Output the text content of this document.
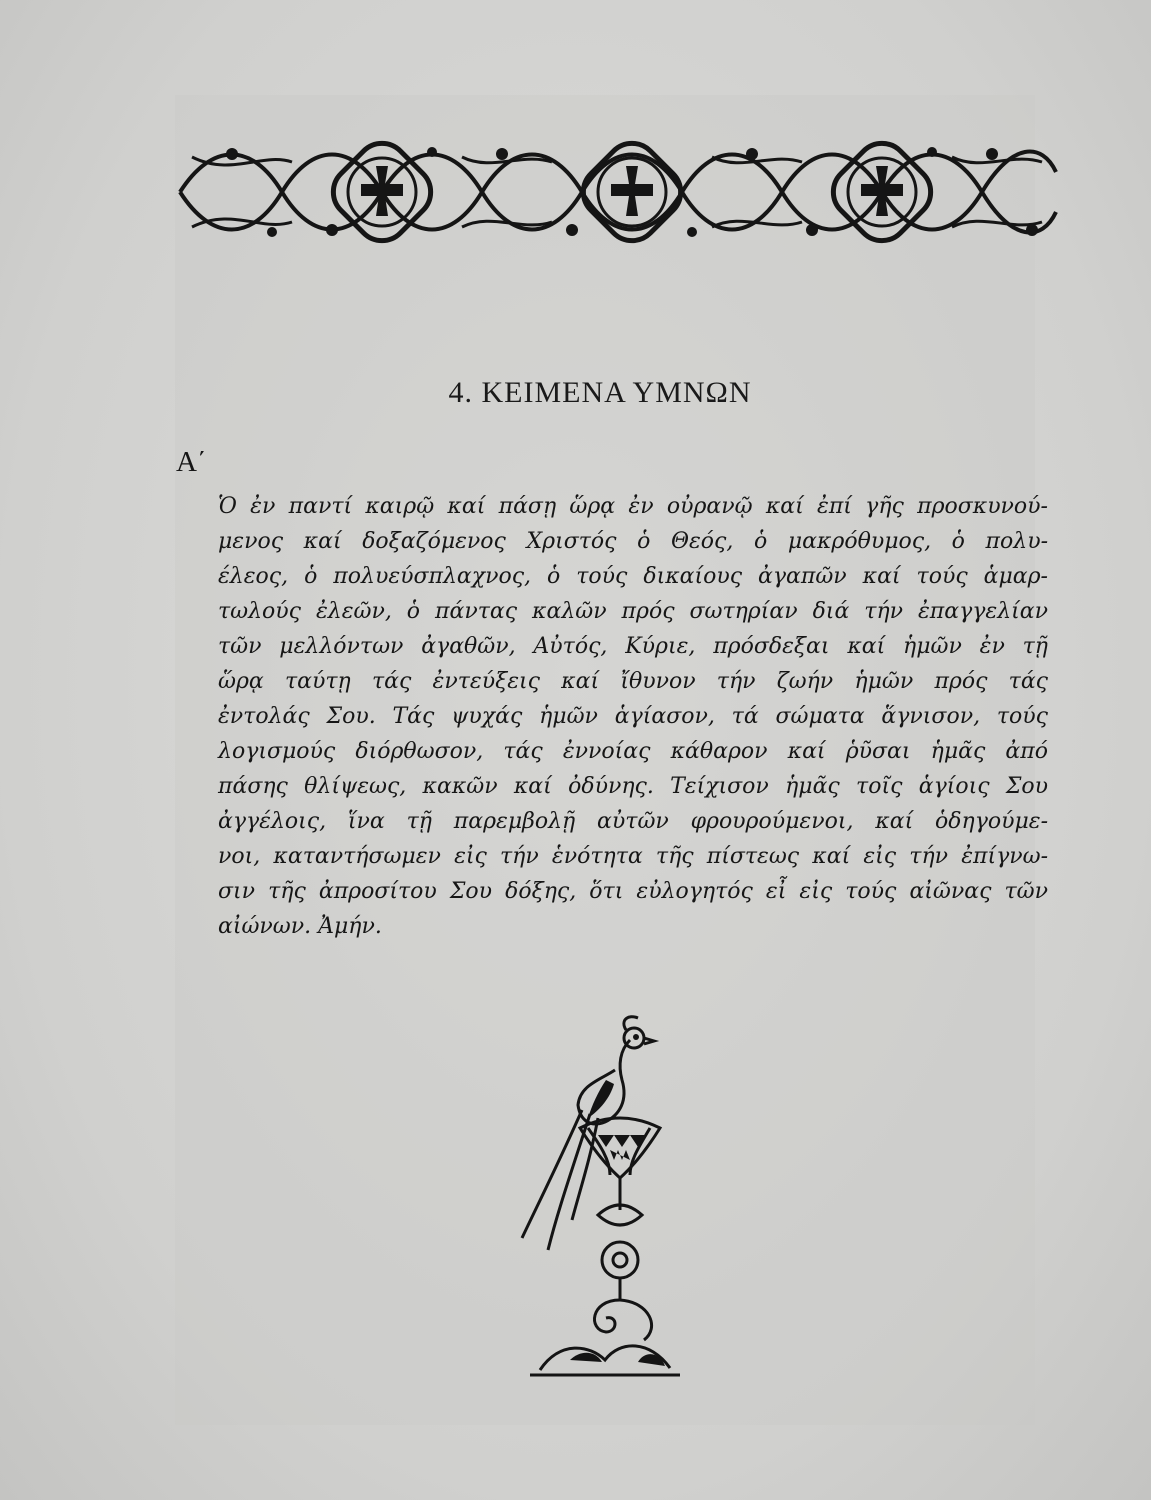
4. ΚΕΙΜΕΝΑ ΥΜΝΩΝ
Α΄
Ὁ ἐν παντί καιρῷ καί πάσῃ ὥρᾳ ἐν οὐρανῷ καί ἐπί γῆς προσκυνού-
μενος καί δοξαζόμενος Χριστός ὁ Θεός, ὁ μακρόθυμος, ὁ πολυ-
έλεος, ὁ πολυεύσπλαχνος, ὁ τούς δικαίους ἀγαπῶν καί τούς ἁμαρ-
τωλούς ἐλεῶν, ὁ πάντας καλῶν πρός σωτηρίαν διά τήν ἐπαγγελίαν
τῶν μελλόντων ἀγαθῶν, Αὐτός, Κύριε, πρόσδεξαι καί ἡμῶν ἐν τῇ
ὥρᾳ ταύτῃ τάς ἐντεύξεις καί ἴθυνον τήν ζωήν ἡμῶν πρός τάς
ἐντολάς Σου. Τάς ψυχάς ἡμῶν ἁγίασον, τά σώματα ἅγνισον, τούς
λογισμούς διόρθωσον, τάς ἐννοίας κάθαρον καί ῥῦσαι ἡμᾶς ἀπό
πάσης θλίψεως, κακῶν καί ὀδύνης. Τείχισον ἡμᾶς τοῖς ἁγίοις Σου
ἀγγέλοις, ἵνα τῇ παρεμβολῇ αὐτῶν φρουρούμενοι, καί ὁδηγούμε-
νοι, καταντήσωμεν εἰς τήν ἑνότητα τῆς πίστεως καί εἰς τήν ἐπίγνω-
σιν τῆς ἀπροσίτου Σου δόξης, ὅτι εὐλογητός εἶ εἰς τούς αἰῶνας τῶν
αἰώνων. Ἀμήν.
